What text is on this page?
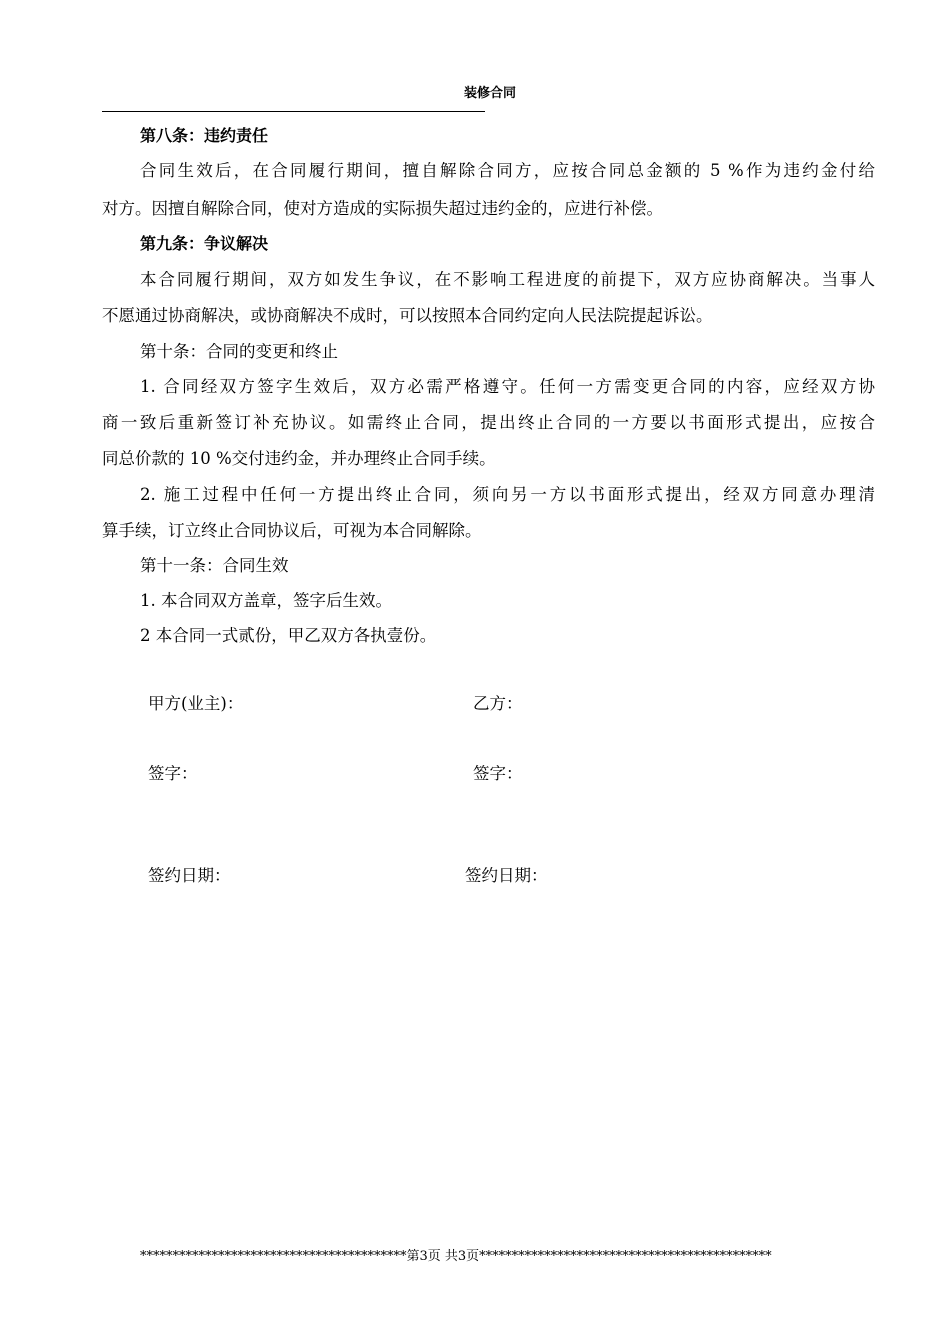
装修合同
第八条：违约责任
合同生效后，在合同履行期间，擅自解除合同方，应按合同总金额的 5 %作为违约金付给
对方。因擅自解除合同，使对方造成的实际损失超过违约金的，应进行补偿。
第九条：争议解决
本合同履行期间，双方如发生争议，在不影响工程进度的前提下，双方应协商解决。当事人
不愿通过协商解决，或协商解决不成时，可以按照本合同约定向人民法院提起诉讼。
第十条：合同的变更和终止
1. 合同经双方签字生效后，双方必需严格遵守。任何一方需变更合同的内容，应经双方协
商一致后重新签订补充协议。如需终止合同，提出终止合同的一方要以书面形式提出，应按合
同总价款的 10 %交付违约金，并办理终止合同手续。
2. 施工过程中任何一方提出终止合同，须向另一方以书面形式提出，经双方同意办理清
算手续，订立终止合同协议后，可视为本合同解除。
第十一条：合同生效
1. 本合同双方盖章，签字后生效。
2 本合同一式贰份，甲乙双方各执壹份。
甲方(业主)：	乙方：
签字：	签字：
签约日期：	签约日期：
*****************************************第3页 共3页*********************************************
